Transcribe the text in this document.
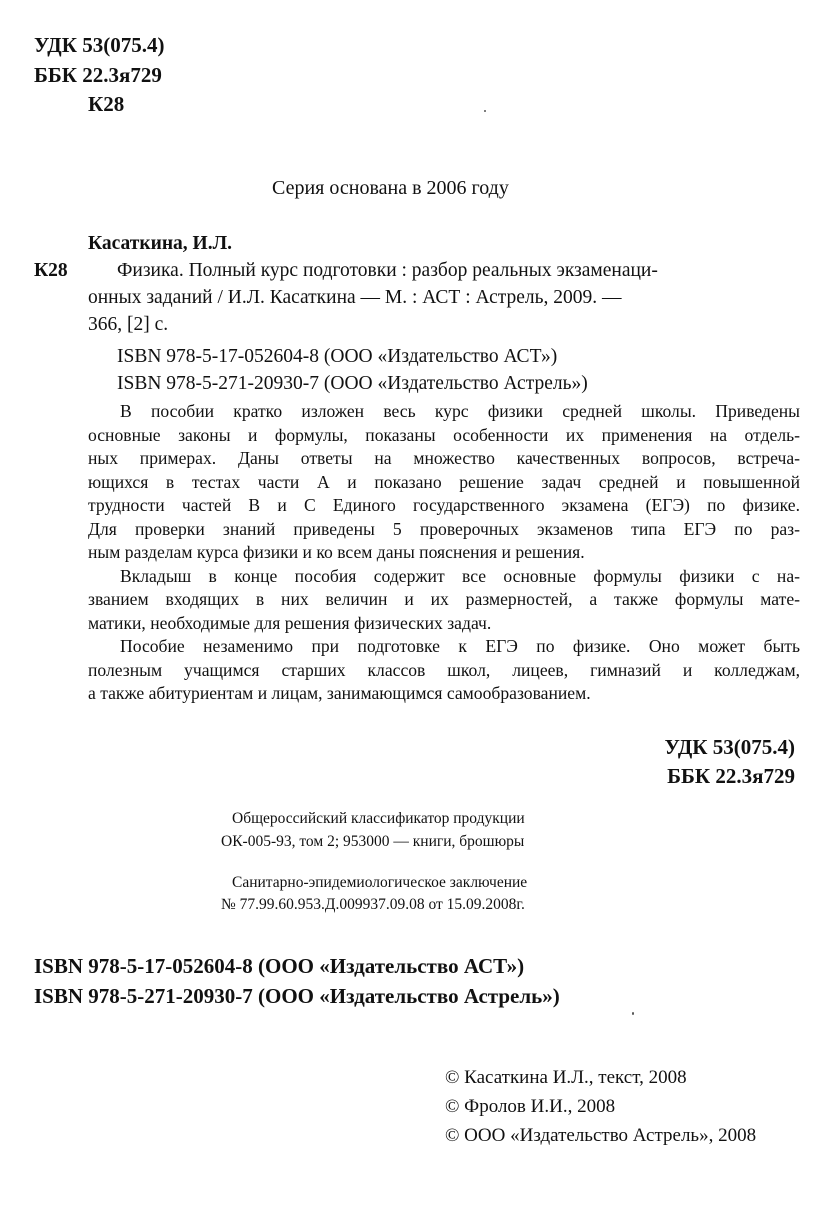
УДК 53(075.4)
ББК 22.3я729
К28
Серия основана в 2006 году
Касаткина, И.Л.
К28	Физика. Полный курс подготовки : разбор реальных экзаменаци-
онных заданий / И.Л. Касаткина — М. : АСТ : Астрель, 2009. —
366, [2] с.
ISBN 978-5-17-052604-8 (ООО «Издательство АСТ»)
ISBN 978-5-271-20930-7 (ООО «Издательство Астрель»)
В пособии кратко изложен весь курс физики средней школы. Приведены
основные законы и формулы, показаны особенности их применения на отдель-
ных примерах. Даны ответы на множество качественных вопросов, встреча-
ющихся в тестах части А и показано решение задач средней и повышенной
трудности частей В и С Единого государственного экзамена (ЕГЭ) по физике.
Для проверки знаний приведены 5 проверочных экзаменов типа ЕГЭ по раз-
ным разделам курса физики и ко всем даны пояснения и решения.
Вкладыш в конце пособия содержит все основные формулы физики с на-
званием входящих в них величин и их размерностей, а также формулы мате-
матики, необходимые для решения физических задач.
Пособие незаменимо при подготовке к ЕГЭ по физике. Оно может быть
полезным учащимся старших классов школ, лицеев, гимназий и колледжам,
а также абитуриентам и лицам, занимающимся самообразованием.
УДК 53(075.4)
ББК 22.3я729
Общероссийский классификатор продукции
ОК-005-93, том 2; 953000 — книги, брошюры
Санитарно-эпидемиологическое заключение
№ 77.99.60.953.Д.009937.09.08 от 15.09.2008г.
ISBN 978-5-17-052604-8 (ООО «Издательство АСТ»)
ISBN 978-5-271-20930-7 (ООО «Издательство Астрель»)
© Касаткина И.Л., текст, 2008
© Фролов И.И., 2008
© ООО «Издательство Астрель», 2008
